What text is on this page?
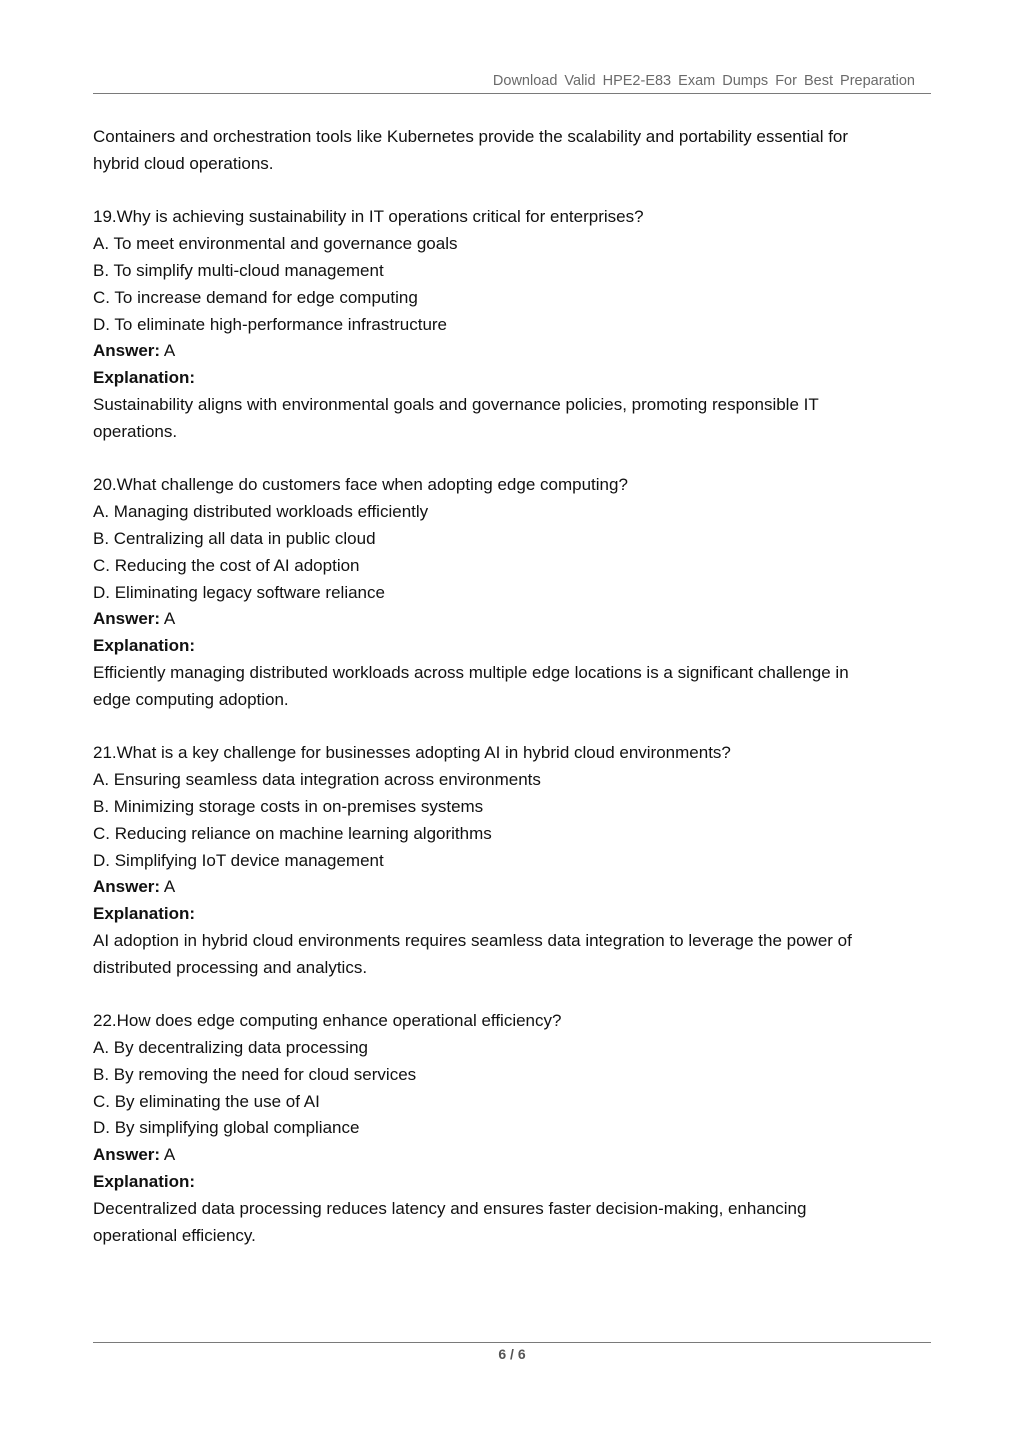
Download Valid HPE2-E83 Exam Dumps For Best Preparation
Containers and orchestration tools like Kubernetes provide the scalability and portability essential for
hybrid cloud operations.
19.Why is achieving sustainability in IT operations critical for enterprises?
A. To meet environmental and governance goals
B. To simplify multi-cloud management
C. To increase demand for edge computing
D. To eliminate high-performance infrastructure
Answer: A
Explanation:
Sustainability aligns with environmental goals and governance policies, promoting responsible IT
operations.
20.What challenge do customers face when adopting edge computing?
A. Managing distributed workloads efficiently
B. Centralizing all data in public cloud
C. Reducing the cost of AI adoption
D. Eliminating legacy software reliance
Answer: A
Explanation:
Efficiently managing distributed workloads across multiple edge locations is a significant challenge in
edge computing adoption.
21.What is a key challenge for businesses adopting AI in hybrid cloud environments?
A. Ensuring seamless data integration across environments
B. Minimizing storage costs in on-premises systems
C. Reducing reliance on machine learning algorithms
D. Simplifying IoT device management
Answer: A
Explanation:
AI adoption in hybrid cloud environments requires seamless data integration to leverage the power of
distributed processing and analytics.
22.How does edge computing enhance operational efficiency?
A. By decentralizing data processing
B. By removing the need for cloud services
C. By eliminating the use of AI
D. By simplifying global compliance
Answer: A
Explanation:
Decentralized data processing reduces latency and ensures faster decision-making, enhancing
operational efficiency.
6 / 6
